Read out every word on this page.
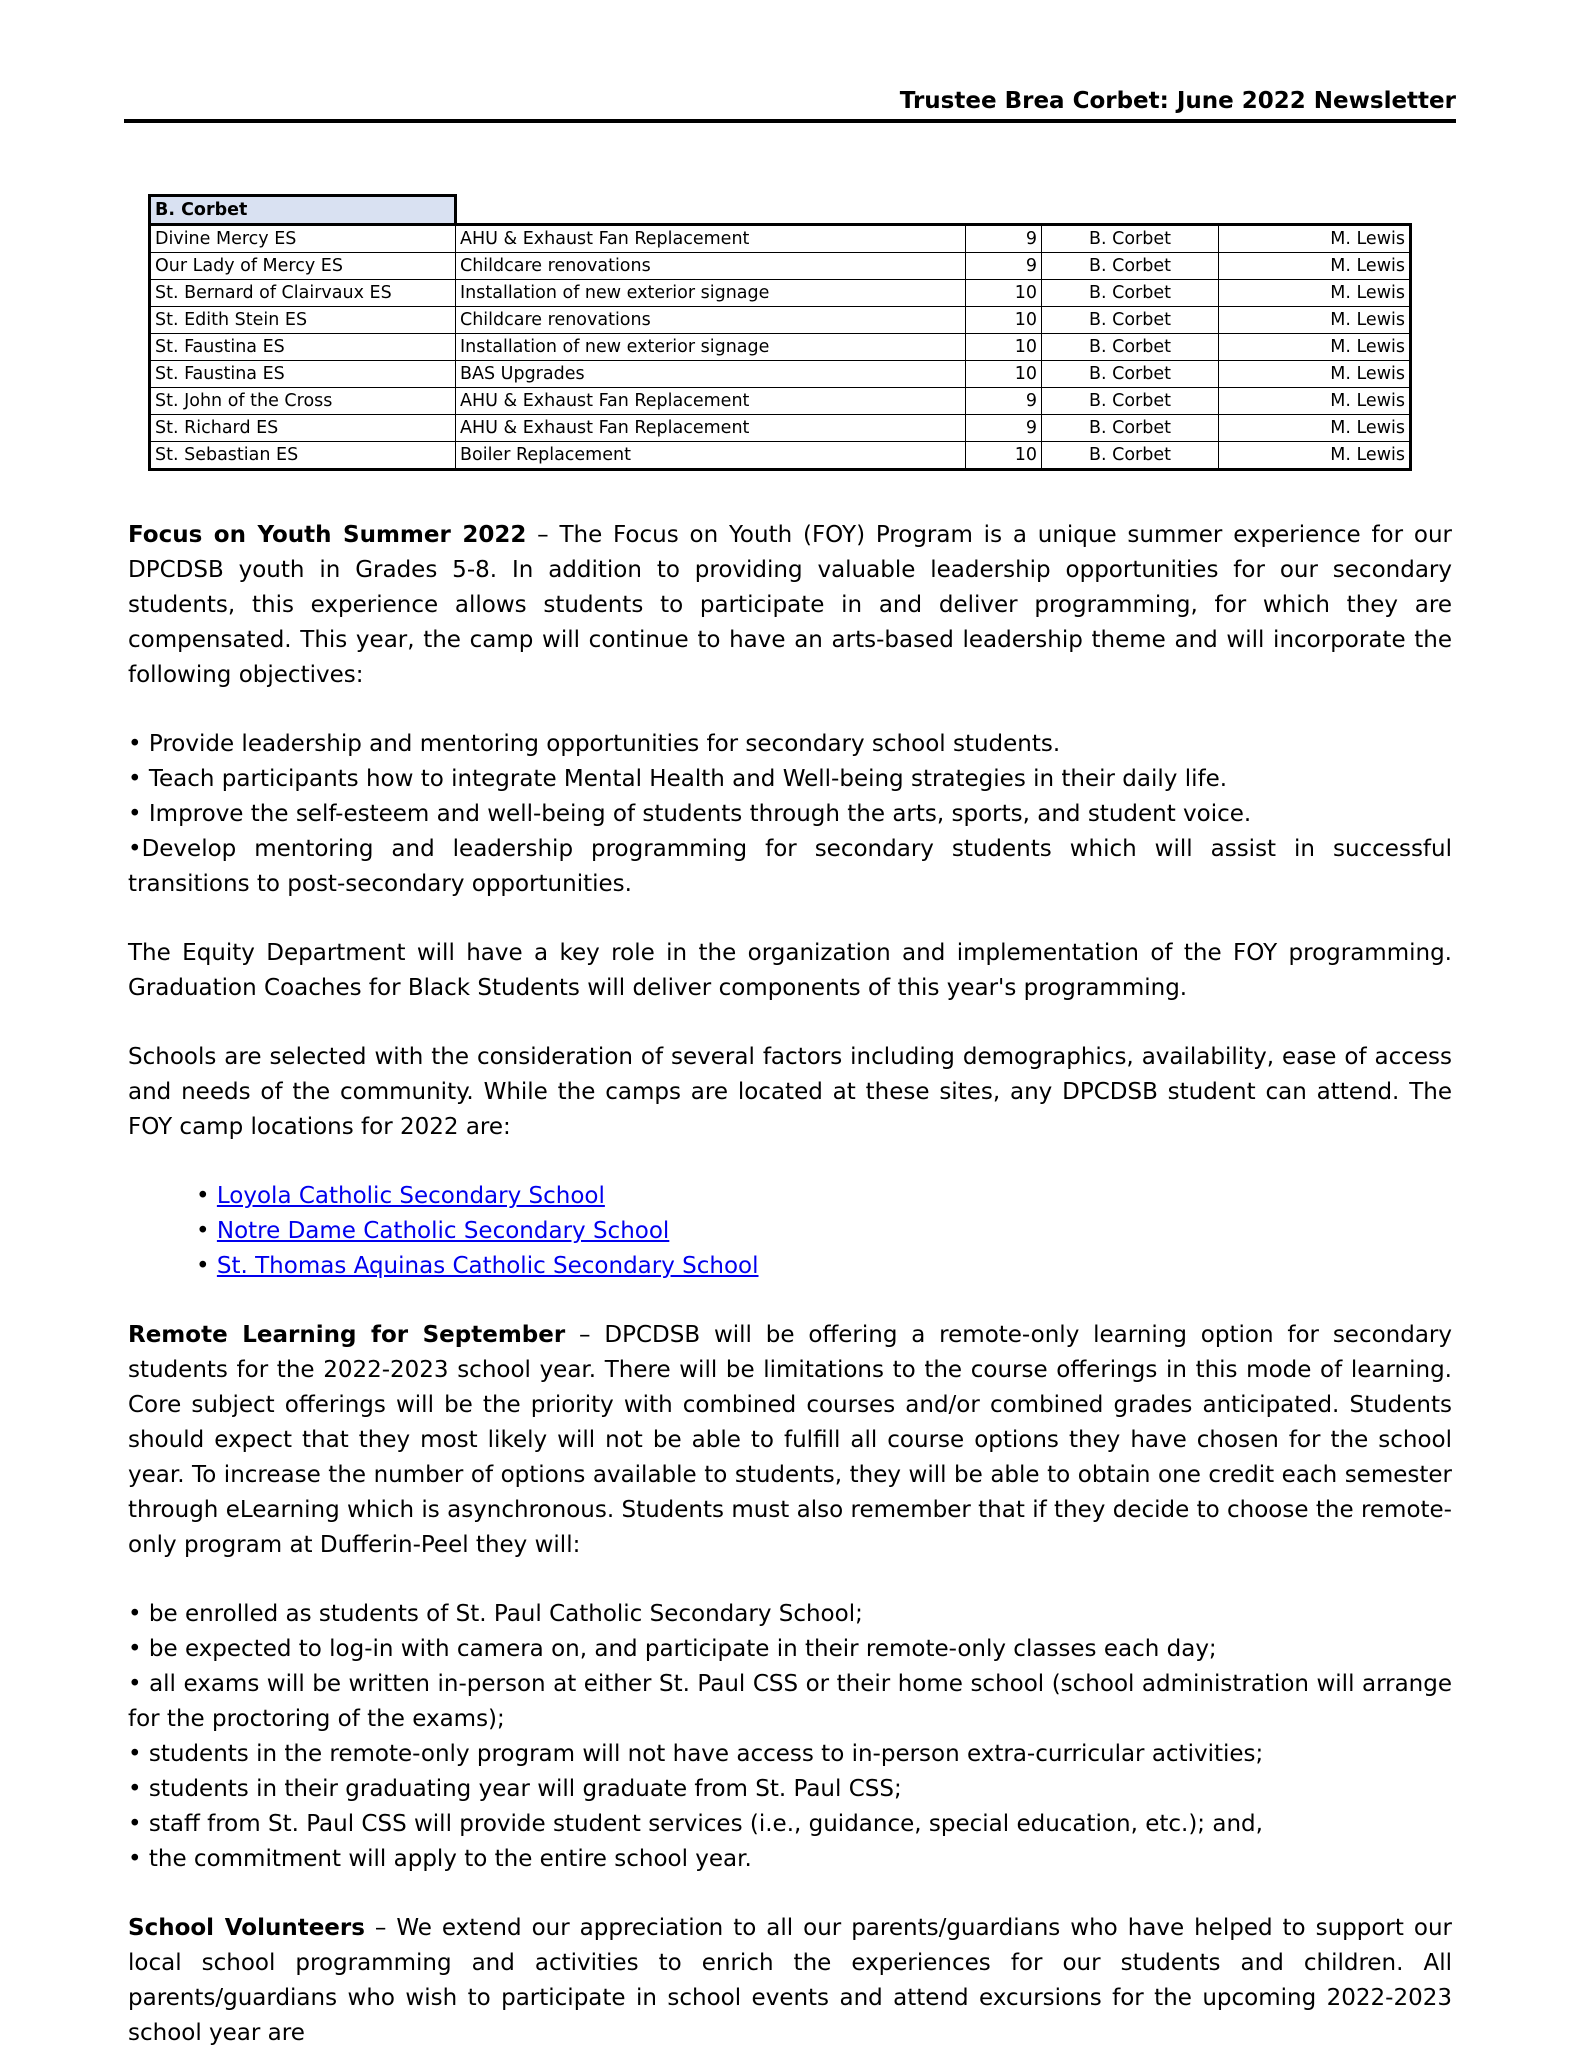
Trustee Brea Corbet: June 2022 Newsletter
B. Corbet				
Divine Mercy ES	AHU & Exhaust Fan Replacement	9	B. Corbet	M. Lewis
Our Lady of Mercy ES	Childcare renovations	9	B. Corbet	M. Lewis
St. Bernard of Clairvaux ES	Installation of new exterior signage	10	B. Corbet	M. Lewis
St. Edith Stein ES	Childcare renovations	10	B. Corbet	M. Lewis
St. Faustina ES	Installation of new exterior signage	10	B. Corbet	M. Lewis
St. Faustina ES	BAS Upgrades	10	B. Corbet	M. Lewis
St. John of the Cross	AHU & Exhaust Fan Replacement	9	B. Corbet	M. Lewis
St. Richard ES	AHU & Exhaust Fan Replacement	9	B. Corbet	M. Lewis
St. Sebastian ES	Boiler Replacement	10	B. Corbet	M. Lewis

Focus on Youth Summer 2022 – The Focus on Youth (FOY) Program is a unique summer experience for our DPCDSB youth in Grades 5-8. In addition to providing valuable leadership opportunities for our secondary students, this experience allows students to participate in and deliver programming, for which they are compensated. This year, the camp will continue to have an arts-based leadership theme and will incorporate the following objectives:

• Provide leadership and mentoring opportunities for secondary school students.
• Teach participants how to integrate Mental Health and Well-being strategies in their daily life.
• Improve the self-esteem and well-being of students through the arts, sports, and student voice.
•Develop mentoring and leadership programming for secondary students which will assist in successful transitions to post-secondary opportunities.

The Equity Department will have a key role in the organization and implementation of the FOY programming. Graduation Coaches for Black Students will deliver components of this year's programming.

Schools are selected with the consideration of several factors including demographics, availability, ease of access and needs of the community. While the camps are located at these sites, any DPCDSB student can attend. The FOY camp locations for 2022 are:

• Loyola Catholic Secondary School
• Notre Dame Catholic Secondary School
• St. Thomas Aquinas Catholic Secondary School

Remote Learning for September – DPCDSB will be offering a remote-only learning option for secondary students for the 2022-2023 school year. There will be limitations to the course offerings in this mode of learning. Core subject offerings will be the priority with combined courses and/or combined grades anticipated. Students should expect that they most likely will not be able to fulfill all course options they have chosen for the school year. To increase the number of options available to students, they will be able to obtain one credit each semester through eLearning which is asynchronous. Students must also remember that if they decide to choose the remote-only program at Dufferin-Peel they will:

• be enrolled as students of St. Paul Catholic Secondary School;
• be expected to log-in with camera on, and participate in their remote-only classes each day;
• all exams will be written in-person at either St. Paul CSS or their home school (school administration will arrange for the proctoring of the exams);
• students in the remote-only program will not have access to in-person extra-curricular activities;
• students in their graduating year will graduate from St. Paul CSS;
• staff from St. Paul CSS will provide student services (i.e., guidance, special education, etc.); and,
• the commitment will apply to the entire school year.

School Volunteers – We extend our appreciation to all our parents/guardians who have helped to support our local school programming and activities to enrich the experiences for our students and children. All parents/guardians who wish to participate in school events and attend excursions for the upcoming 2022-2023 school year are
